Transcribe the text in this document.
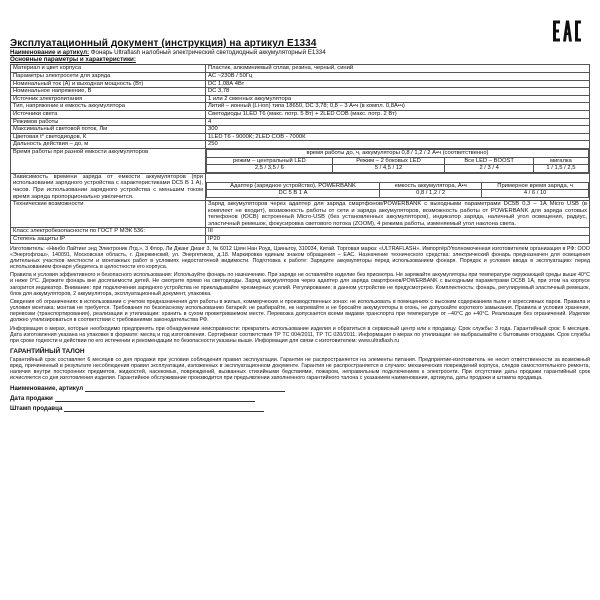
Эксплуатационный документ (инструкция) на артикул E1334
Наименование и артикул: Фонарь Ultraflash налобный электрический светодиодный аккумуляторный E1334
Основные параметры и характеристики:
Материал и цвет корпуса	Пластик, алюминиевый сплав, резина, черный, синий
Параметры электросети для заряда	AC ~230В / 50Гц
Номинальный ток (А) и выходная мощность (Вт)	DC 1,08А 4Вт
Номинальное напряжение, В	DC 3,78
Источник электропитания	1 или 2 сменных аккумулятора
Тип, напряжение и емкость аккумулятора	Литий – ионный (Li-ion) типа 18650, DC 3,78; 0,8 – 3 А•ч (в компл. 0,8А•ч)
Источники света	Светодиоды 1LED T6 (макс. потр. 5 Вт) + 2LED COB (макс. потр. 2 Вт)
Режимов работы	4
Максимальный световой поток, Лм	300
Цветовая t° светодиодов, К	1LED T6 - 9000К; 2LED COB - 7000К
Дальность действия – до, м	250
Время работы при разной емкости аккумуляторов		время работы до, ч, аккумуляторы 0,8 / 1,2 / 2 А•ч (соответственно)
режим – центральный LED	Режим – 2 боковых LED	Все LED – BOOST	мигалка
2,5 / 3,5 / 6	5 / 4,5 / 12	2 / 3 / 4	1 / 1,5 / 2,5

Зависимость времени заряда от емкости аккумуляторов (при использовании зарядного устройства с характеристиками DC5 В 1 А), часов. При использовании зарядного устройства с меньшим током время заряда пропорционально увеличится.	
Адаптер (зарядное устройство), POWERBANK	емкость аккумулятора, А•ч	Примерное время заряда, ч
DC 5 В 1 А	0,8 / 1,2 / 2	4 / 6 / 10

Технические возможности	Заряд аккумуляторов через адаптер для заряда смартфонов/POWERBANK с выходными параметрами DC5В 0,3 – 1А Micro USB (в комплект не входит), возможность работы от сети и заряда аккумуляторов, возможность работы от POWERBANK для заряда сотовых телефонов (ЮСВ) встроенный Micro-USB (без установленных аккумуляторов), индикатор заряда, наличный угол освещения, радиус, эластичный ремешок, фокусировка светового потока (ZOOM), 4 режима работы, изменяемый угол наклона света.
Класс электробезопасности по ГОСТ Р МЭК 536:	III
Степень защиты IP	IP20
Изготовитель: «Нинбо Лайтинг энд Электроник Лтд.», 3 Флор, Ли Джанг Дианг 3, № 6012 Цзян Нан Роуд, Цзиньтоу, 310034, Китай. Торговая марка: «ULTRAFLASH». Импортёр/Уполномоченная изготовителем организация в РФ: ООО «Энергофлэш», 140091, Московская область, г. Дзержинский, ул. Энергетиков, д.18. Маркировка единым знаком обращения – ЕАС. Назначение технического средства: электрический фонарь предназначен для освещения длительных участков местности и монтажных работ в условиях недостаточной видимости. Подготовка к работе: Зарядите аккумуляторы перед использованием фонаря. Порядок и условия ввода в эксплуатацию: перед использованием фонаря убедитесь в целостности его корпуса.
Правила и условия эффективного и безопасного использования: Используйте фонарь по назначению. При заряде не оставляйте изделие без присмотра. Не заряжайте аккумуляторы при температуре окружающей среды выше 40°С и ниже 0°С. Держите фонарь вне досягаемости детей. Не смотрите прямо на светодиоды. Заряд аккумуляторов через адаптер для заряда смартфонов/POWERBANK с выходными параметрами DC5В 1А, при этом на корпусе загорится индикатор. Внимание: при подключении зарядного устройства не прикладывайте чрезмерных усилий. Регулирование: в данном устройстве не предусмотрено. Комплектность: фонарь, регулируемый эластичный ремешок, блок для аккумуляторов, 2 аккумулятора, эксплуатационный документ, упаковка.
Сведения об ограничениях в использовании с учетом предназначения для работы в жилых, коммерческих и производственных зонах: не использовать в помещениях с высоким содержанием пыли и агрессивных паров. Правила и условия монтажа: монтаж не требуется. Требования по безопасному использованию батарей: не разбирайте, не нагревайте и не бросайте аккумуляторы в огонь, не допускайте короткого замыкания. Правила и условия хранения, перевозки (транспортирования), реализации и утилизации: хранить в сухом проветриваемом месте. Перевозка допускается всеми видами транспорта при температуре от –40°С до +40°С. Реализация без ограничений. Изделие должно утилизироваться в соответствии с требованиями законодательства РФ.
Информация о мерах, которые необходимо предпринять при обнаружении неисправности: прекратить использование изделия и обратиться в сервисный центр или к продавцу. Срок службы: 3 года. Гарантийный срок: 6 месяцев. Дата изготовления указана на упаковке в формате: месяц и год изготовления. Сертификат соответствия ТР ТС 004/2011, ТР ТС 020/2011. Информация о мерах по утилизации: не выбрасывайте с бытовыми отходами. Срок службы при сроке годности и действии по его истечении и рекомендации по безопасности указаны выше. Информация для связи с изготовителем: www.ultraflash.ru
ГАРАНТИЙНЫЙ ТАЛОН
Гарантийный срок составляет 6 месяцев со дня продажи при условии соблюдения правил эксплуатации. Гарантия не распространяется на элементы питания. Предприятие-изготовитель не несет ответственности за возможный вред, причиненный в результате несоблюдения правил эксплуатации, изложенных в эксплуатационном документе. Гарантия не распространяется в случаях: механических повреждений корпуса, следов самостоятельного ремонта, наличия внутри посторонних предметов, жидкостей, насекомых, повреждений, вызванных стихийными бедствиями, пожаром, неправильным подключением к электросети. При отсутствии даты продажи гарантийный срок исчисляется со дня изготовления изделия. Гарантийное обслуживание производится при предъявлении заполненного гарантийного талона с указанием наименования, артикула, даты продажи и штампа продавца.
Наименование, артикул
Дата продажи
Штамп продавца
